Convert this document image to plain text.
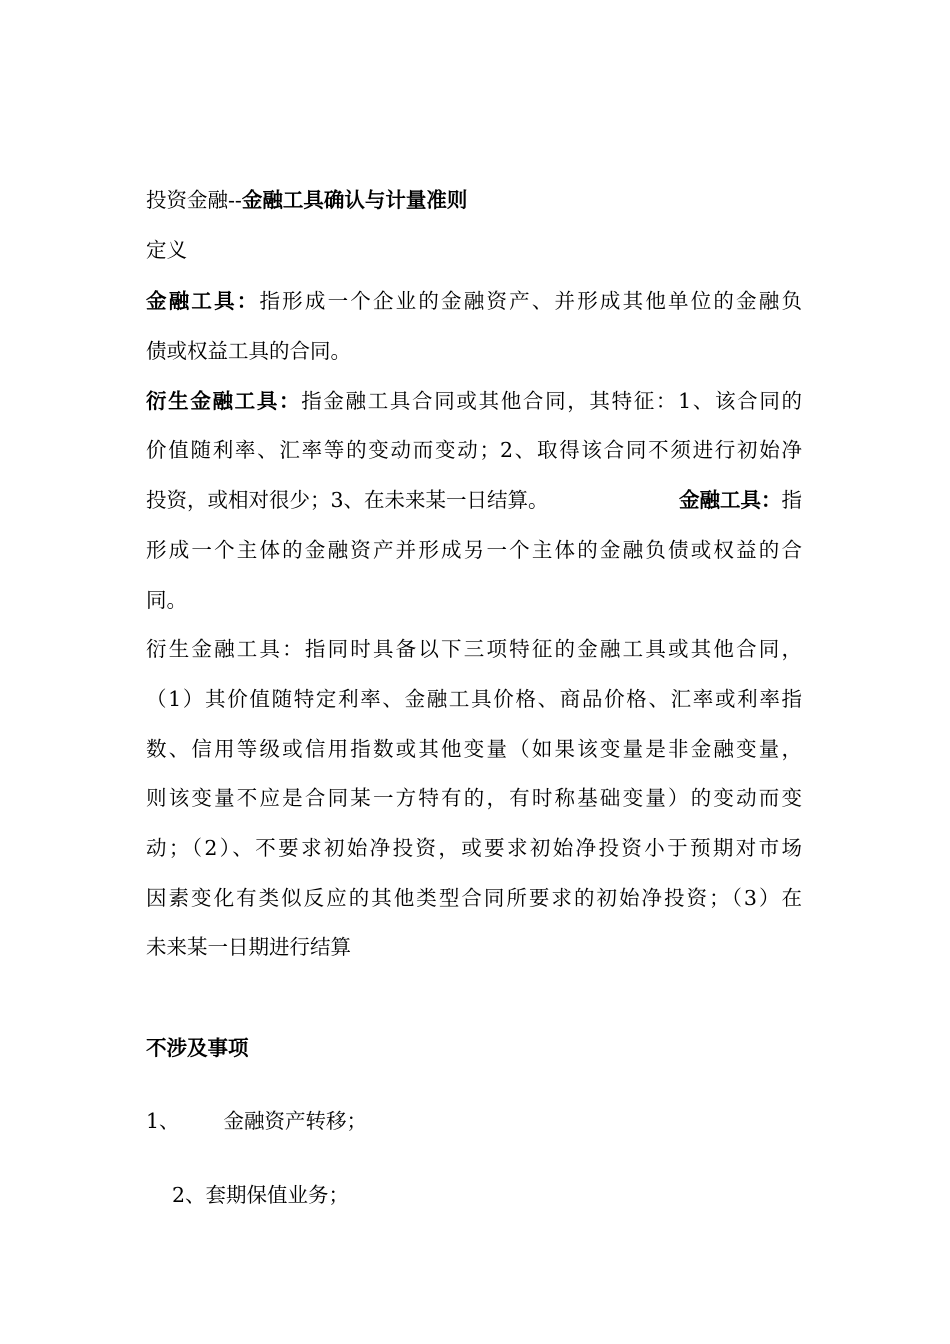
投资金融--金融工具确认与计量准则
定义
金融工具：指形成一个企业的金融资产、并形成其他单位的金融负
债或权益工具的合同。
衍生金融工具：指金融工具合同或其他合同，其特征：1、该合同的
价值随利率、汇率等的变动而变动；2、取得该合同不须进行初始净
投资，或相对很少；3、在未来某一日结算。	金融工具：指
形成一个主体的金融资产并形成另一个主体的金融负债或权益的合
同。
衍生金融工具：指同时具备以下三项特征的金融工具或其他合同，
（1）其价值随特定利率、金融工具价格、商品价格、汇率或利率指
数、信用等级或信用指数或其他变量（如果该变量是非金融变量，
则该变量不应是合同某一方特有的，有时称基础变量）的变动而变
动；（2）、不要求初始净投资，或要求初始净投资小于预期对市场
因素变化有类似反应的其他类型合同所要求的初始净投资；（3）在
未来某一日期进行结算
不涉及事项
1、 金融资产转移；
2、套期保值业务；
